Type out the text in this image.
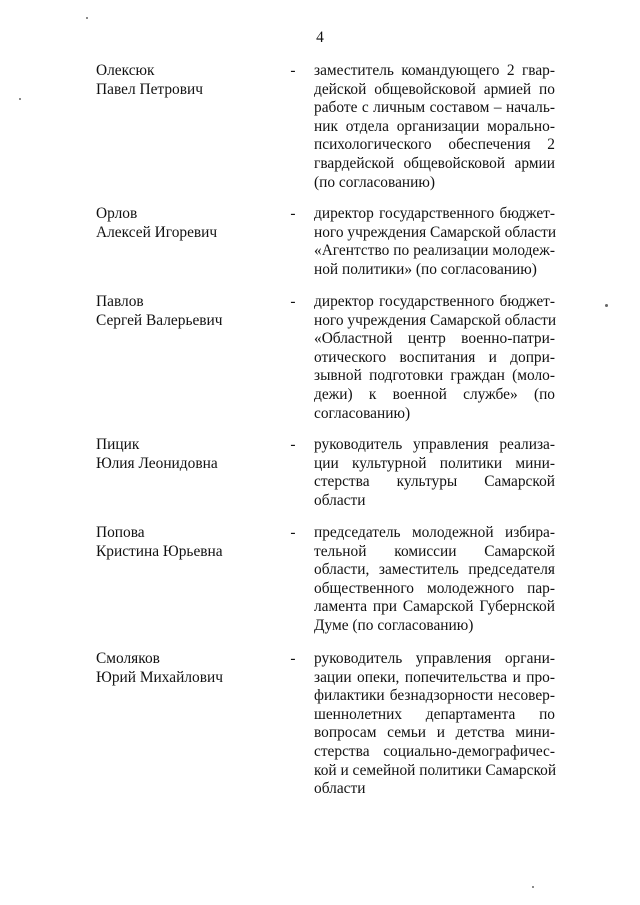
4
Олексюк
Павел Петрович
- заместитель командующего 2 гвар-
дейской общевойсковой армией по
работе с личным составом – началь-
ник отдела организации морально-
психологического обеспечения 2
гвардейской общевойсковой армии
(по согласованию)
Орлов
Алексей Игоревич
- директор государственного бюджет-
ного учреждения Самарской области
«Агентство по реализации молодеж-
ной политики» (по согласованию)
Павлов
Сергей Валерьевич
- директор государственного бюджет-
ного учреждения Самарской области
«Областной центр военно-патри-
отического воспитания и допри-
зывной подготовки граждан (моло-
дежи) к военной службе» (по
согласованию)
Пицик
Юлия Леонидовна
- руководитель управления реализа-
ции культурной политики мини-
стерства культуры Самарской
области
Попова
Кристина Юрьевна
- председатель молодежной избира-
тельной комиссии Самарской
области, заместитель председателя
общественного молодежного пар-
ламента при Самарской Губернской
Думе (по согласованию)
Смоляков
Юрий Михайлович
- руководитель управления органи-
зации опеки, попечительства и про-
филактики безнадзорности несовер-
шеннолетних департамента по
вопросам семьи и детства мини-
стерства социально-демографичес-
кой и семейной политики Самарской
области
